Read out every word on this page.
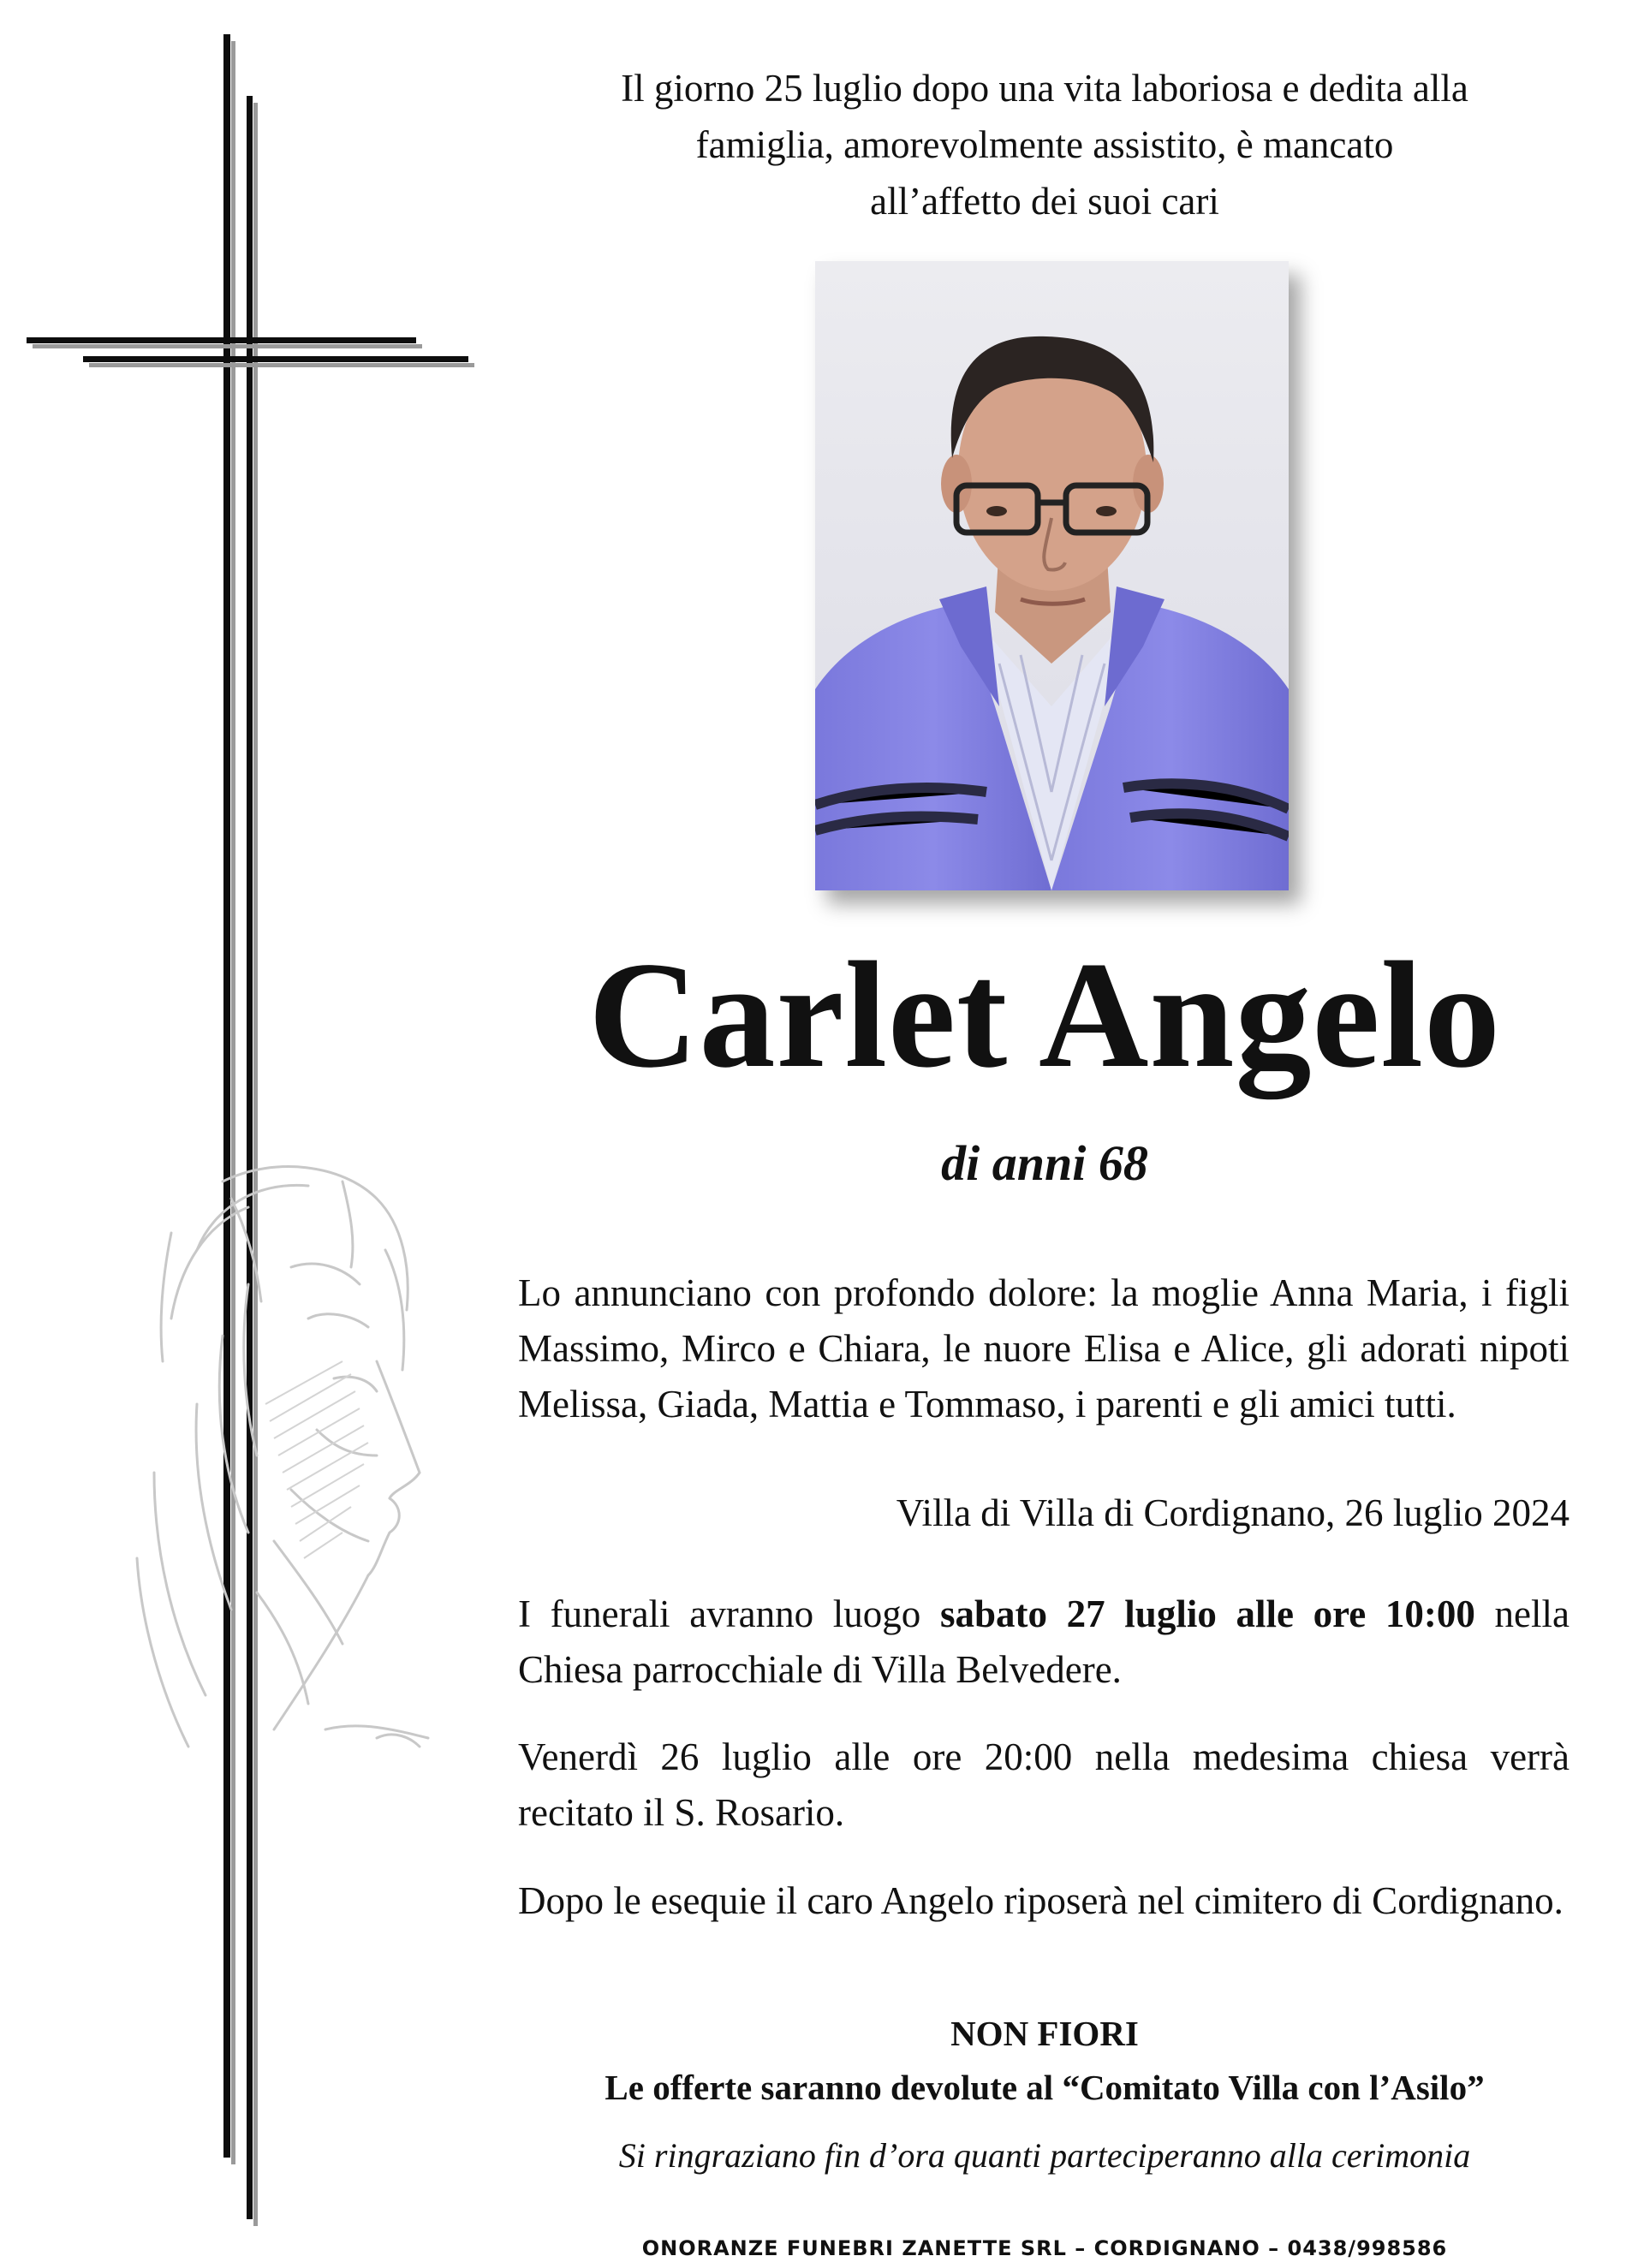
Il giorno 25 luglio dopo una vita laboriosa e dedita alla
famiglia, amorevolmente assistito, è mancato
all’affetto dei suoi cari
Carlet Angelo
di anni 68
Lo annunciano con profondo dolore: la moglie Anna Maria, i figli Massimo, Mirco e Chiara, le nuore Elisa e Alice, gli adorati nipoti Melissa, Giada, Mattia e Tommaso, i parenti e gli amici tutti.
Villa di Villa di Cordignano, 26 luglio 2024
I funerali avranno luogo sabato 27 luglio alle ore 10:00 nella Chiesa parrocchiale di Villa Belvedere.
Venerdì 26 luglio alle ore 20:00 nella medesima chiesa verrà recitato il S. Rosario.
Dopo le esequie il caro Angelo riposerà nel cimitero di Cordignano.
NON FIORI
Le offerte saranno devolute al “Comitato Villa con l’Asilo”
Si ringraziano fin d’ora quanti parteciperanno alla cerimonia
ONORANZE FUNEBRI ZANETTE SRL – CORDIGNANO – 0438/998586
